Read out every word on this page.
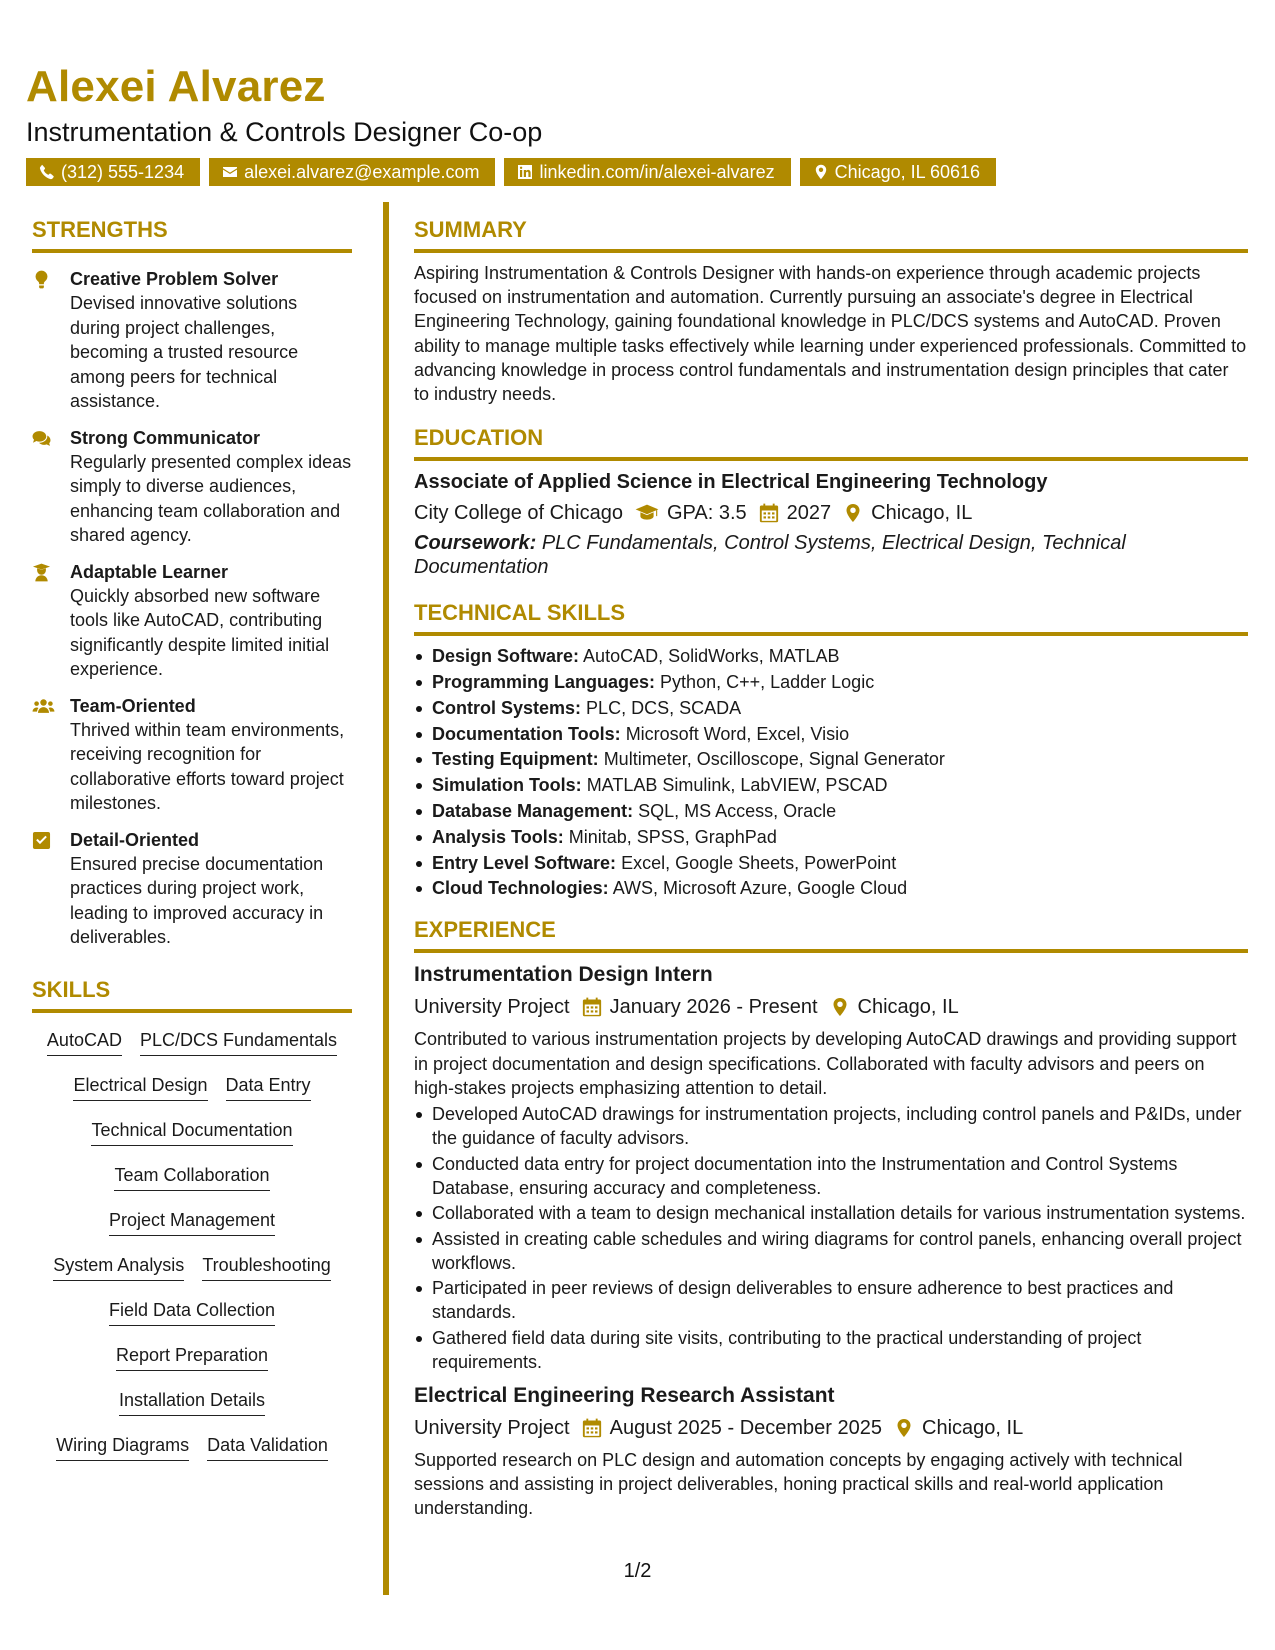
Alexei Alvarez
Instrumentation & Controls Designer Co-op
(312) 555-1234	alexei.alvarez@example.com	linkedin.com/in/alexei-alvarez	Chicago, IL 60616
STRENGTHS
Creative Problem Solver
Devised innovative solutions during project challenges, becoming a trusted resource among peers for technical assistance.
Strong Communicator
Regularly presented complex ideas simply to diverse audiences, enhancing team collaboration and shared agency.
Adaptable Learner
Quickly absorbed new software tools like AutoCAD, contributing significantly despite limited initial experience.
Team-Oriented
Thrived within team environments, receiving recognition for collaborative efforts toward project milestones.
Detail-Oriented
Ensured precise documentation practices during project work, leading to improved accuracy in deliverables.
SKILLS
AutoCAD PLC/DCS Fundamentals
Electrical Design Data Entry
Technical Documentation
Team Collaboration
Project Management
System Analysis Troubleshooting
Field Data Collection
Report Preparation
Installation Details
Wiring Diagrams Data Validation
SUMMARY
Aspiring Instrumentation & Controls Designer with hands-on experience through academic projects focused on instrumentation and automation. Currently pursuing an associate's degree in Electrical Engineering Technology, gaining foundational knowledge in PLC/DCS systems and AutoCAD. Proven ability to manage multiple tasks effectively while learning under experienced professionals. Committed to advancing knowledge in process control fundamentals and instrumentation design principles that cater to industry needs.
EDUCATION
Associate of Applied Science in Electrical Engineering Technology
City College of Chicago GPA: 3.5 2027 Chicago, IL
Coursework: PLC Fundamentals, Control Systems, Electrical Design, Technical Documentation
TECHNICAL SKILLS
Design Software: AutoCAD, SolidWorks, MATLAB
Programming Languages: Python, C++, Ladder Logic
Control Systems: PLC, DCS, SCADA
Documentation Tools: Microsoft Word, Excel, Visio
Testing Equipment: Multimeter, Oscilloscope, Signal Generator
Simulation Tools: MATLAB Simulink, LabVIEW, PSCAD
Database Management: SQL, MS Access, Oracle
Analysis Tools: Minitab, SPSS, GraphPad
Entry Level Software: Excel, Google Sheets, PowerPoint
Cloud Technologies: AWS, Microsoft Azure, Google Cloud
EXPERIENCE
Instrumentation Design Intern
University Project January 2026 - Present Chicago, IL
Contributed to various instrumentation projects by developing AutoCAD drawings and providing support in project documentation and design specifications. Collaborated with faculty advisors and peers on high-stakes projects emphasizing attention to detail.
Developed AutoCAD drawings for instrumentation projects, including control panels and P&IDs, under the guidance of faculty advisors.
Conducted data entry for project documentation into the Instrumentation and Control Systems Database, ensuring accuracy and completeness.
Collaborated with a team to design mechanical installation details for various instrumentation systems.
Assisted in creating cable schedules and wiring diagrams for control panels, enhancing overall project workflows.
Participated in peer reviews of design deliverables to ensure adherence to best practices and standards.
Gathered field data during site visits, contributing to the practical understanding of project requirements.
Electrical Engineering Research Assistant
University Project August 2025 - December 2025 Chicago, IL
Supported research on PLC design and automation concepts by engaging actively with technical sessions and assisting in project deliverables, honing practical skills and real-world application understanding.
1/2
